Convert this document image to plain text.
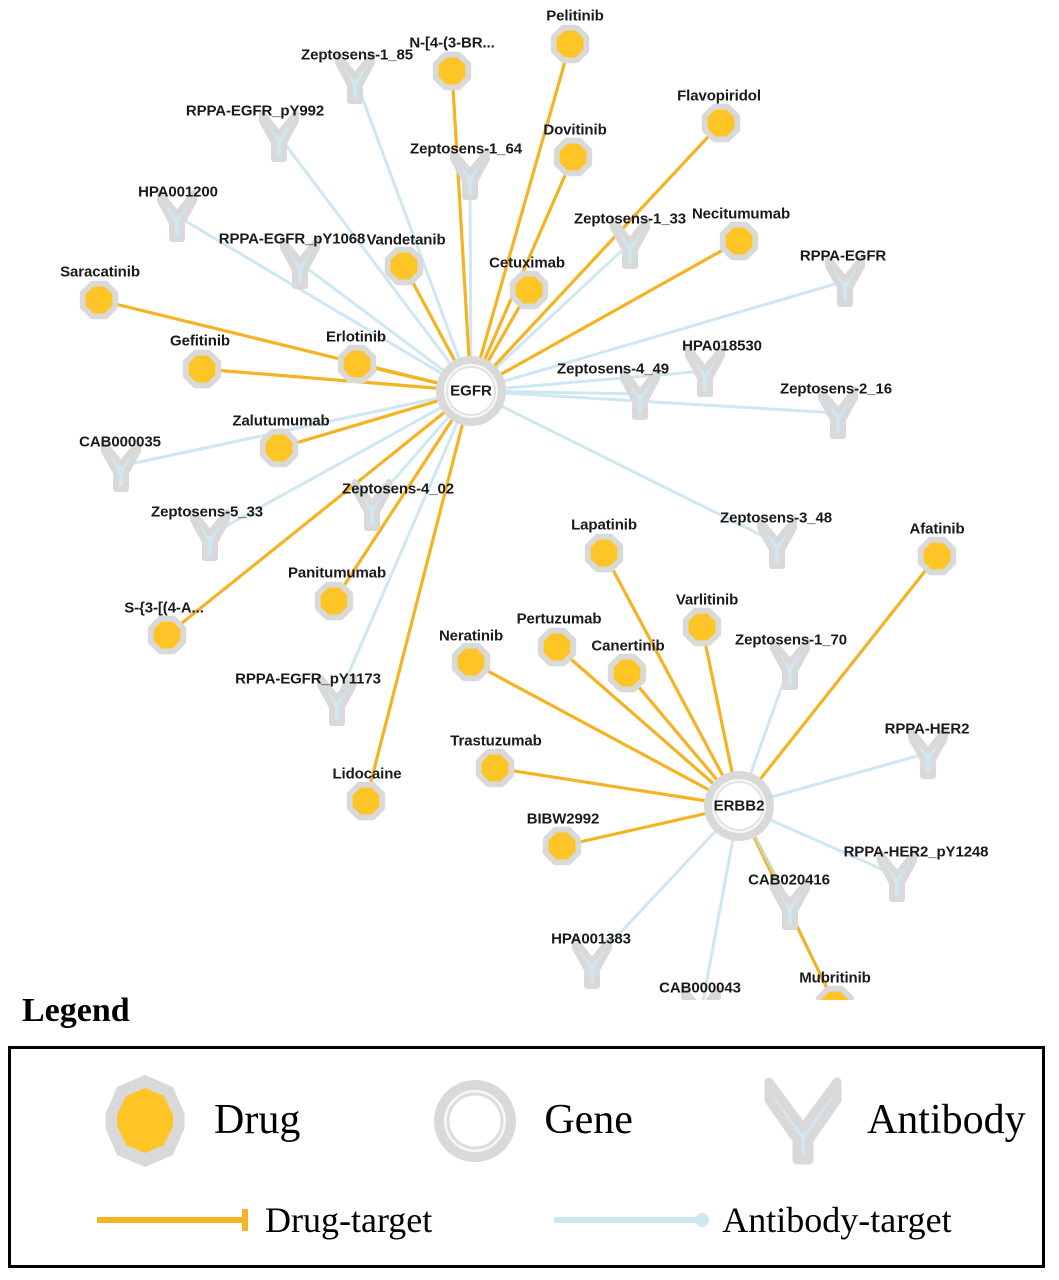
Zeptosens-1_85
RPPA-EGFR_pY992
Zeptosens-1_64
HPA001200
Zeptosens-1_33
RPPA-EGFR_pY1068
RPPA-EGFR
HPA018530
Zeptosens-4_49
Zeptosens-2_16
CAB000035
Zeptosens-4_02
Zeptosens-5_33	Zeptosens-3_48
Zeptosens-1_70
RPPA-EGFR_pY1173
RPPA-HER2
RPPA-HER2_pY1248
CAB020416
HPA001383
CAB000043
Pelitinib
N-[4-(3-BR...
Flavopiridol
Dovitinib
Necitumumab
Vandetanib
Cetuximab
Saracatinib
Gefitinib	Erlotinib
Zalutumumab
Lapatinib	Afatinib
Varlitinib
Panitumumab
S-{3-[(4-A...
Pertuzumab
Neratinib
Canertinib
Trastuzumab
Lidocaine
BIBW2992
Mubritinib
EGFR
ERBB2
Legend
Drug	Gene	Antibody
Drug-target	Antibody-target
